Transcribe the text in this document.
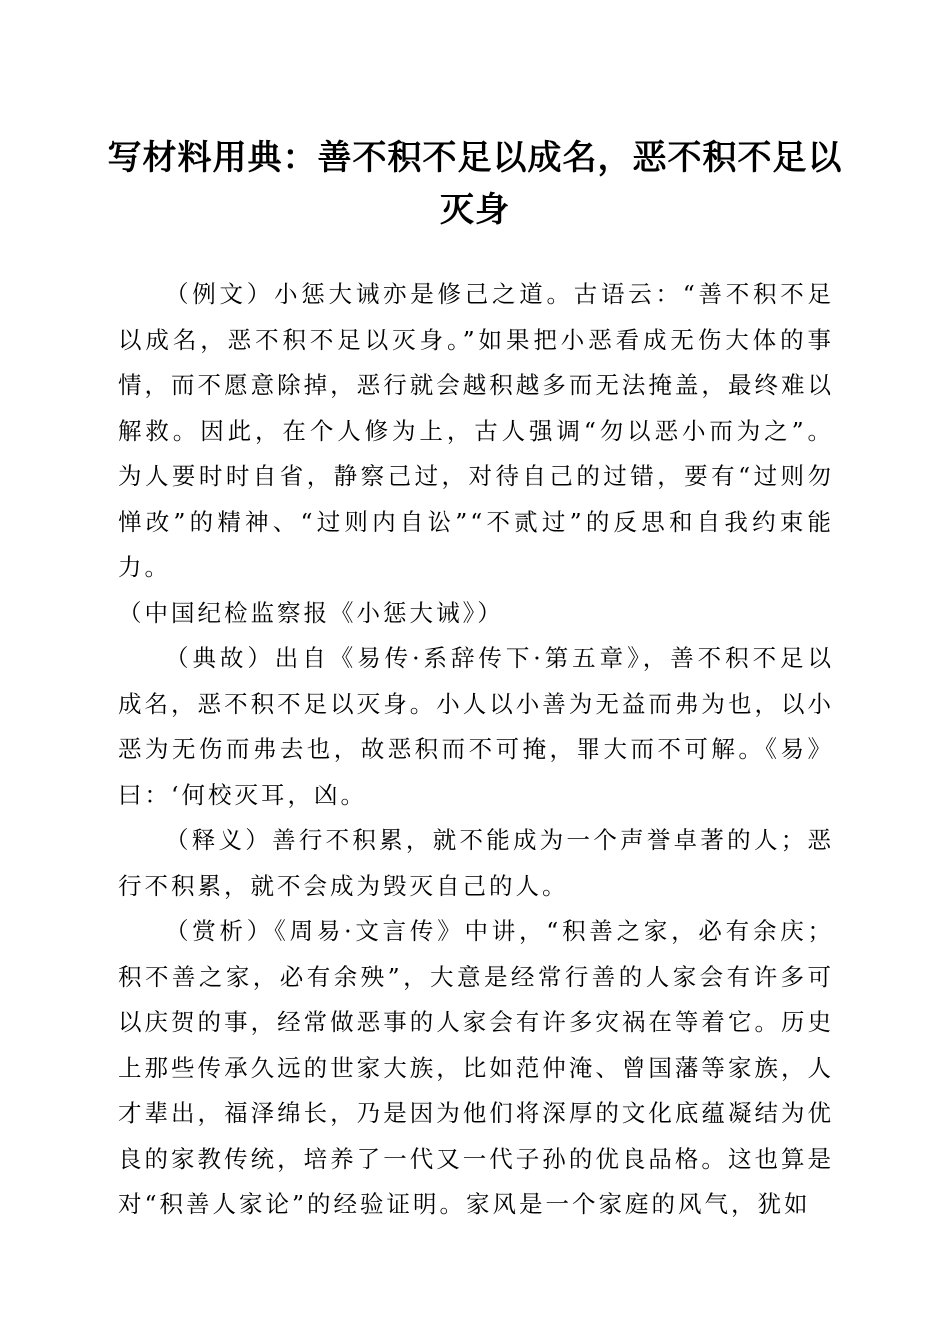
写材料用典：善不积不足以成名，恶不积不足以灭身

（例文）小惩大诫亦是修己之道。古语云：“善不积不足以成名，恶不积不足以灭身。”如果把小恶看成无伤大体的事情，而不愿意除掉，恶行就会越积越多而无法掩盖，最终难以解救。因此，在个人修为上，古人强调“勿以恶小而为之”。为人要时时自省，静察己过，对待自己的过错，要有“过则勿惮改”的精神、“过则内自讼”“不贰过”的反思和自我约束能力。

（中国纪检监察报《小惩大诫》）

（典故）出自《易传·系辞传下·第五章》，善不积不足以成名，恶不积不足以灭身。小人以小善为无益而弗为也，以小恶为无伤而弗去也，故恶积而不可掩，罪大而不可解。《易》曰：‘何校灭耳，凶。

（释义）善行不积累，就不能成为一个声誉卓著的人；恶行不积累，就不会成为毁灭自己的人。

（赏析）《周易·文言传》中讲，“积善之家，必有余庆；积不善之家，必有余殃”，大意是经常行善的人家会有许多可以庆贺的事，经常做恶事的人家会有许多灾祸在等着它。历史上那些传承久远的世家大族，比如范仲淹、曾国藩等家族，人才辈出，福泽绵长，乃是因为他们将深厚的文化底蕴凝结为优良的家教传统，培养了一代又一代子孙的优良品格。这也算是对“积善人家论”的经验证明。家风是一个家庭的风气，犹如
